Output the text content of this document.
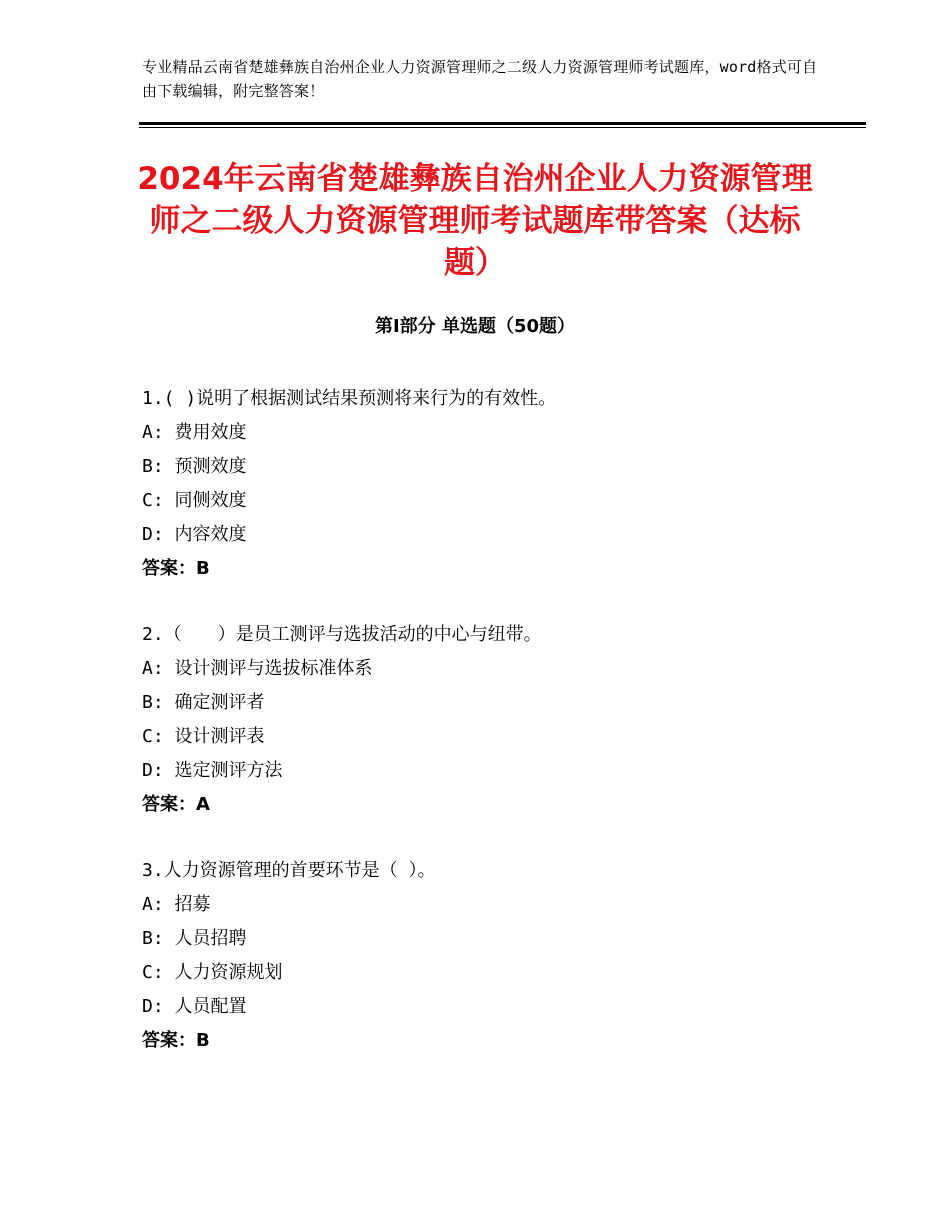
专业精品云南省楚雄彝族自治州企业人力资源管理师之二级人力资源管理师考试题库，word格式可自由下载编辑，附完整答案！
2024年云南省楚雄彝族自治州企业人力资源管理师之二级人力资源管理师考试题库带答案（达标题）
第Ⅰ部分 单选题（50题）
1.( )说明了根据测试结果预测将来行为的有效性。
A: 费用效度
B: 预测效度
C: 同侧效度
D: 内容效度
答案：B
2.（　　）是员工测评与选拔活动的中心与纽带。
A: 设计测评与选拔标准体系
B: 确定测评者
C: 设计测评表
D: 选定测评方法
答案：A
3.人力资源管理的首要环节是（ ）。
A: 招募
B: 人员招聘
C: 人力资源规划
D: 人员配置
答案：B
